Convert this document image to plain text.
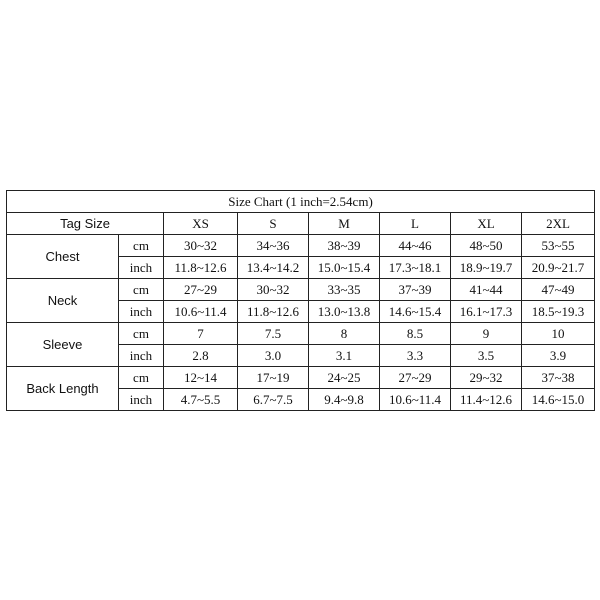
Size Chart (1 inch=2.54cm)							
Tag Size		XS	S	M	L	XL	2XL
Chest	cm	30~32	34~36	38~39	44~46	48~50	53~55
	inch	11.8~12.6	13.4~14.2	15.0~15.4	17.3~18.1	18.9~19.7	20.9~21.7
Neck	cm	27~29	30~32	33~35	37~39	41~44	47~49
	inch	10.6~11.4	11.8~12.6	13.0~13.8	14.6~15.4	16.1~17.3	18.5~19.3
Sleeve	cm	7	7.5	8	8.5	9	10
	inch	2.8	3.0	3.1	3.3	3.5	3.9
Back Length	cm	12~14	17~19	24~25	27~29	29~32	37~38
	inch	4.7~5.5	6.7~7.5	9.4~9.8	10.6~11.4	11.4~12.6	14.6~15.0
